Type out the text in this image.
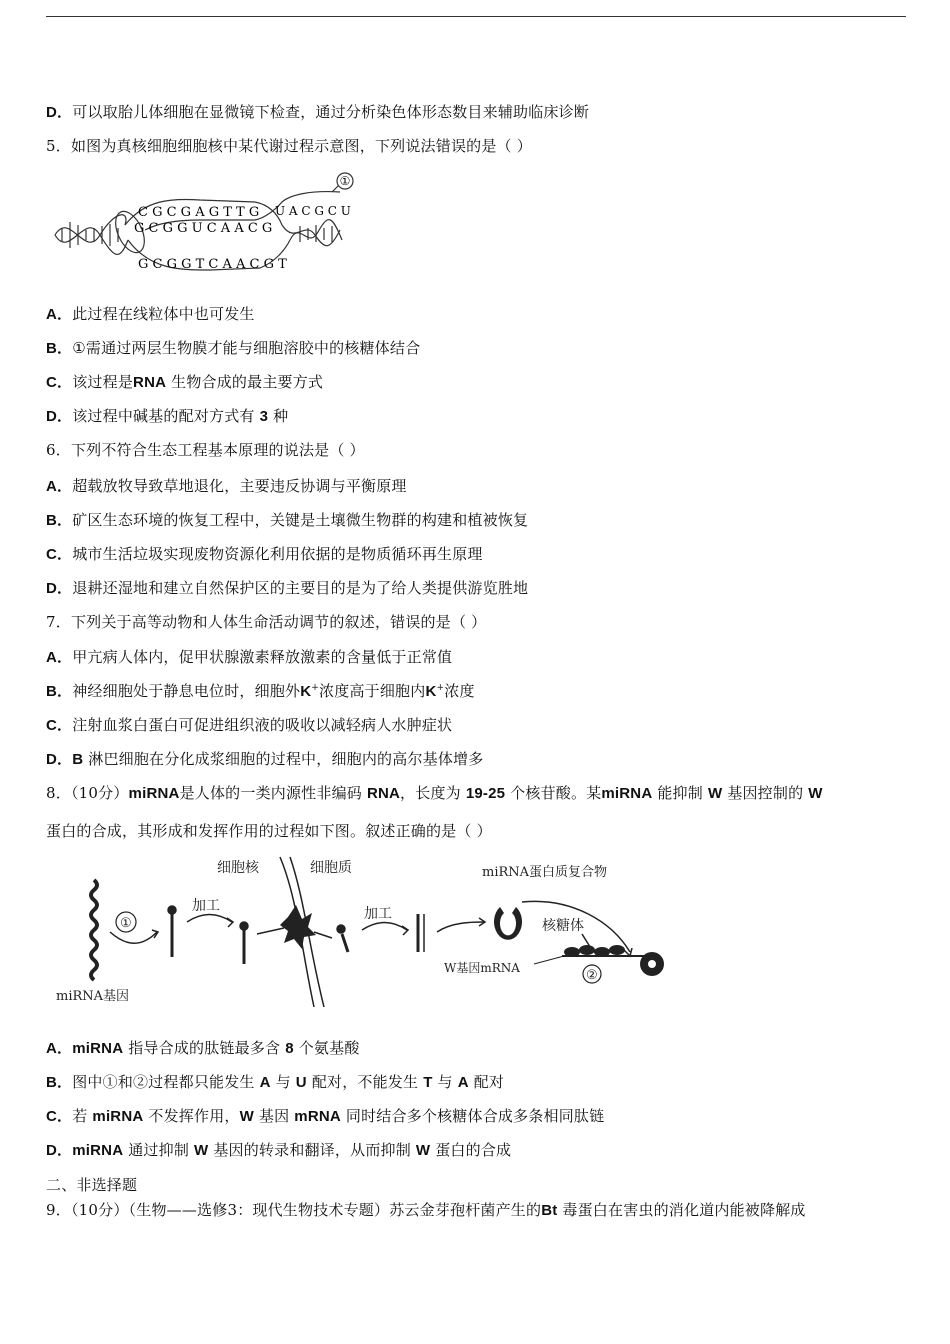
D．可以取胎儿体细胞在显微镜下检查，通过分析染色体形态数目来辅助临床诊断
5．如图为真核细胞细胞核中某代谢过程示意图，下列说法错误的是（ ）
①
C G C G A G T T G
G C G G U C A A C G
U A C G C U
G C G G T C A A C G T
A．此过程在线粒体中也可发生
B．①需通过两层生物膜才能与细胞溶胶中的核糖体结合
C．该过程是RNA 生物合成的最主要方式
D．该过程中碱基的配对方式有 3 种
6．下列不符合生态工程基本原理的说法是（ ）
A．超载放牧导致草地退化，主要违反协调与平衡原理
B．矿区生态环境的恢复工程中，关键是土壤微生物群的构建和植被恢复
C．城市生活垃圾实现废物资源化利用依据的是物质循环再生原理
D．退耕还湿地和建立自然保护区的主要目的是为了给人类提供游览胜地
7．下列关于高等动物和人体生命活动调节的叙述，错误的是（ ）
A．甲亢病人体内，促甲状腺激素释放激素的含量低于正常值
B．神经细胞处于静息电位时，细胞外K+浓度高于细胞内K+浓度
C．注射血浆白蛋白可促进组织液的吸收以减轻病人水肿症状
D．B 淋巴细胞在分化成浆细胞的过程中，细胞内的高尔基体增多
8．（10分）miRNA是人体的一类内源性非编码 RNA，长度为 19-25 个核苷酸。某miRNA 能抑制 W 基因控制的 W
蛋白的合成，其形成和发挥作用的过程如下图。叙述正确的是（ ）
细胞核	细胞质	miRNA蛋白质复合物
加工	加工
核糖体
W基因mRNA
miRNA基因
①
②
A．miRNA 指导合成的肽链最多含 8 个氨基酸
B．图中①和②过程都只能发生 A 与 U 配对，不能发生 T 与 A 配对
C．若 miRNA 不发挥作用，W 基因 mRNA 同时结合多个核糖体合成多条相同肽链
D．miRNA 通过抑制 W 基因的转录和翻译，从而抑制 W 蛋白的合成
二、非选择题
9．（10分）（生物——选修3：现代生物技术专题）苏云金芽孢杆菌产生的Bt 毒蛋白在害虫的消化道内能被降解成
